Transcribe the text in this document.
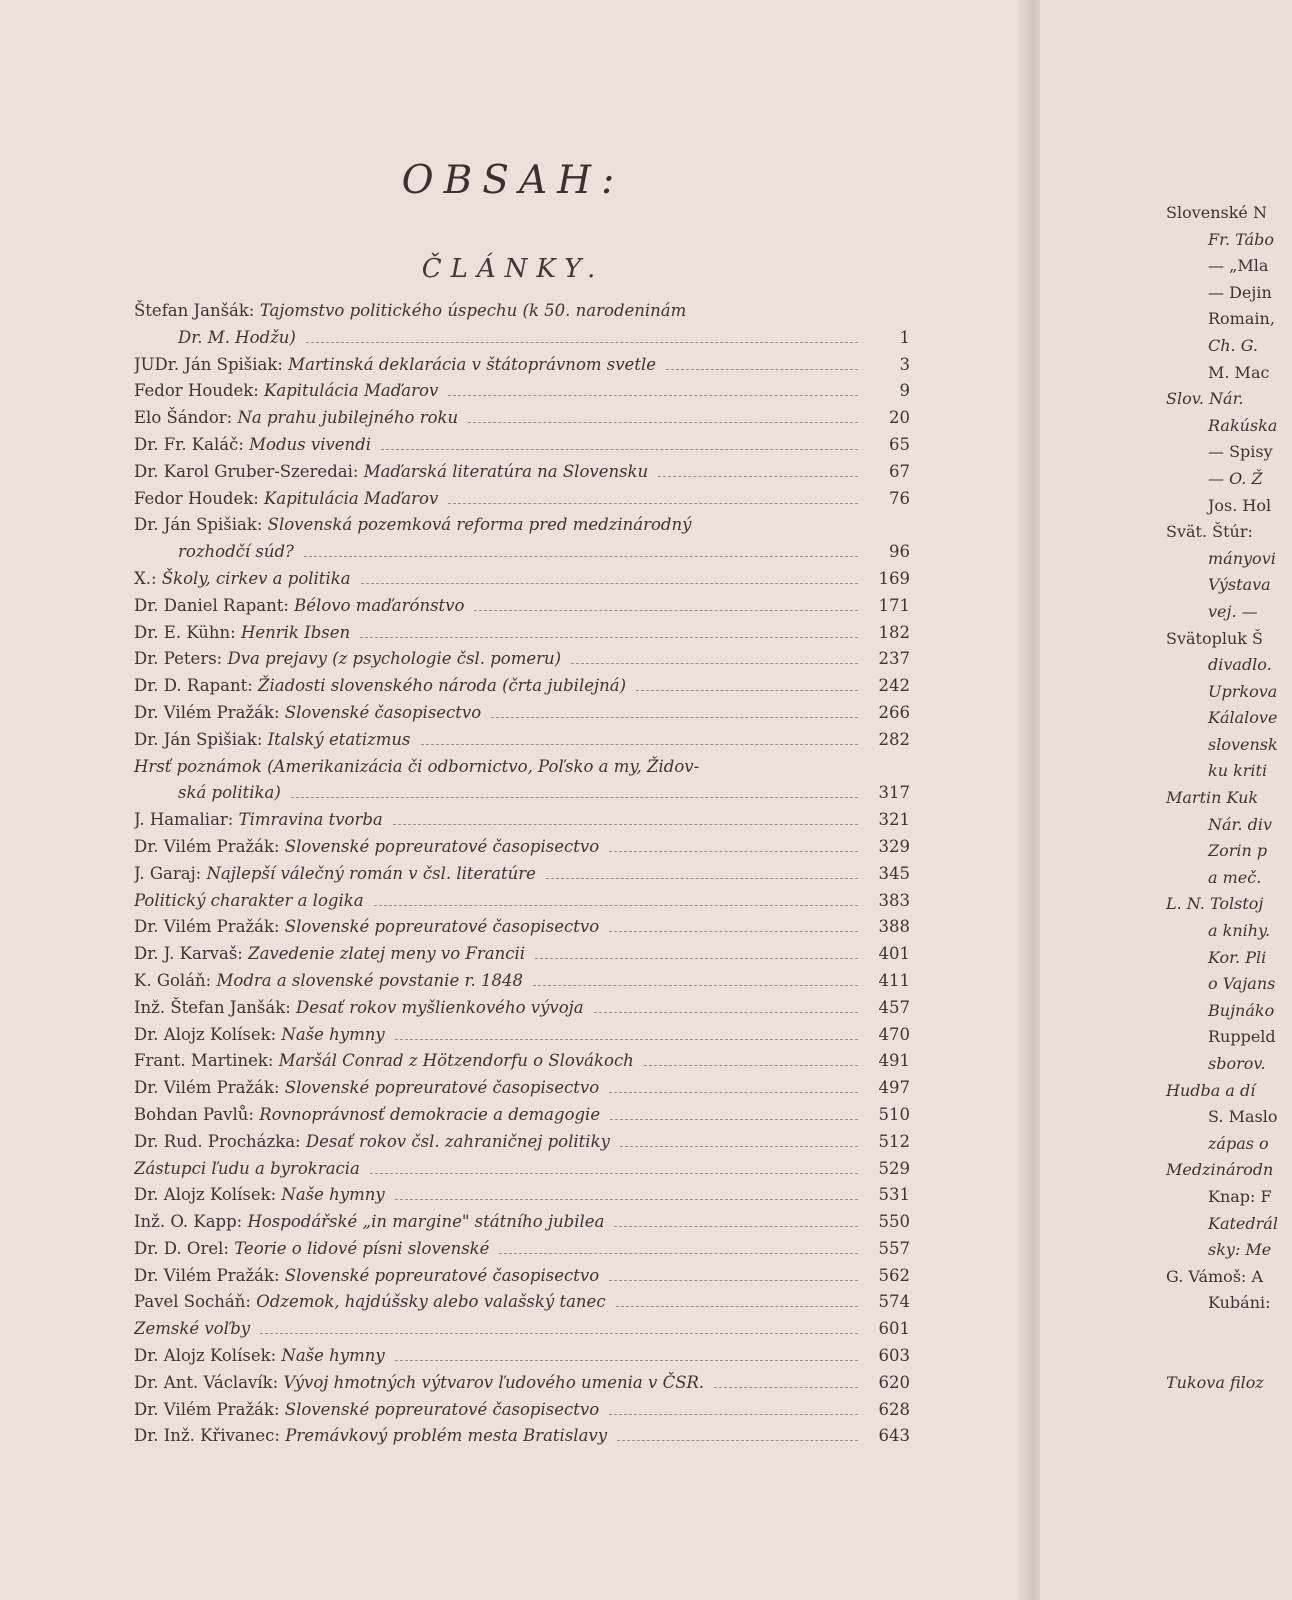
OBSAH:
ČLÁNKY.
Štefan Janšák: Tajomstvo politického úspechu (k 50. narodeninám
Dr. M. Hodžu)	1
JUDr. Ján Spišiak:
Martinská deklarácia v štátoprávnom svetle	3
Fedor Houdek:
Kapitulácia Maďarov	9
Elo Šándor:
Na prahu jubilejného roku	20
Dr. Fr. Kaláč:
Modus vivendi	65
Dr. Karol Gruber-Szeredai:
Maďarská literatúra na Slovensku	67
Fedor Houdek:
Kapitulácia Maďarov	76
Dr. Ján Spišiak: Slovenská pozemková reforma pred medzinárodný
rozhodčí súd?	96
X.:
Školy, cirkev a politika	169
Dr. Daniel Rapant:
Bélovo maďarónstvo	171
Dr. E. Kühn:
Henrik Ibsen	182
Dr. Peters:
Dva prejavy (z psychologie čsl. pomeru)	237
Dr. D. Rapant:
Žiadosti slovenského národa (črta jubilejná)	242
Dr. Vilém Pražák:
Slovenské časopisectvo	266
Dr. Ján Spišiak:
Italský etatizmus	282
Hrsť poznámok (Amerikanizácia či odbornictvo, Poľsko a my, Židov-
ská politika)	317
J. Hamaliar:
Timravina tvorba	321
Dr. Vilém Pražák:
Slovenské popreuratové časopisectvo	329
J. Garaj:
Najlepší válečný román v čsl. literatúre	345
Politický charakter a logika	383
Dr. Vilém Pražák:
Slovenské popreuratové časopisectvo	388
Dr. J. Karvaš:
Zavedenie zlatej meny vo Francii	401
K. Goláň:
Modra a slovenské povstanie r. 1848	411
Inž. Štefan Janšák:
Desať rokov myšlienkového vývoja	457
Dr. Alojz Kolísek:
Naše hymny	470
Frant. Martinek:
Maršál Conrad z Hötzendorfu o Slovákoch	491
Dr. Vilém Pražák:
Slovenské popreuratové časopisectvo	497
Bohdan Pavlů:
Rovnoprávnosť demokracie a demagogie	510
Dr. Rud. Procházka:
Desať rokov čsl. zahraničnej politiky	512
Zástupci ľudu a byrokracia	529
Dr. Alojz Kolísek:
Naše hymny	531
Inž. O. Kapp:
Hospodářské „in margine" státního jubilea	550
Dr. D. Orel:
Teorie o lidové písni slovenské	557
Dr. Vilém Pražák:
Slovenské popreuratové časopisectvo	562
Pavel Socháň:
Odzemok, hajdúšsky alebo valašský tanec	574
Zemské voľby	601
Dr. Alojz Kolísek:
Naše hymny	603
Dr. Ant. Václavík:
Vývoj hmotných výtvarov ľudového umenia v ČSR.	620
Dr. Vilém Pražák:
Slovenské popreuratové časopisectvo	628
Dr. Inž. Křivanec:
Premávkový problém mesta Bratislavy	643
Slovenské N
Fr. Tábo
— „Mla
— Dejin
Romain,
Ch. G.
M. Mac
Slov. Nár.
Rakúska
— Spisy
— O. Ž
Jos. Hol
Svät. Štúr:
mányovi
Výstava
vej. —
Svätopluk Š
divadlo.
Uprkova
Kálalove
slovensk
ku kriti
Martin Kuk
Nár. div
Zorin p
a meč.
L. N. Tolstoj
a knihy.
Kor. Pli
o Vajans
Bujnáko
Ruppeld
sborov.
Hudba a dí
S. Maslo
zápas o
Medzinárodn
Knap: F
Katedrál
sky: Me
G. Vámoš: A
Kubáni:

Tukova filoz
